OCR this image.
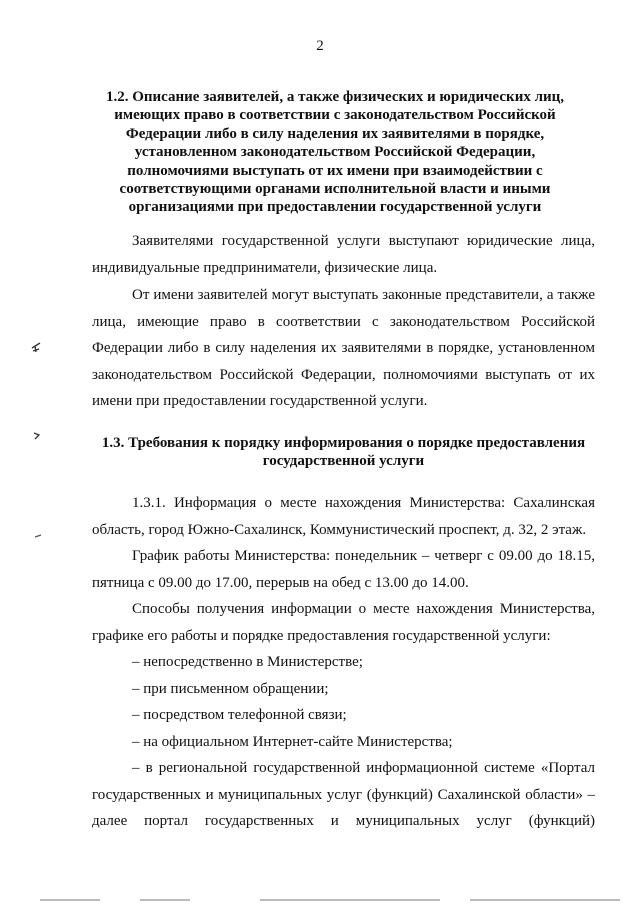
2
1.2. Описание заявителей, а также физических и юридических лиц,
имеющих право в соответствии с законодательством Российской
Федерации либо в силу наделения их заявителями в порядке,
установленном законодательством Российской Федерации,
полномочиями выступать от их имени при взаимодействии с
соответствующими органами исполнительной власти и иными
организациями при предоставлении государственной услуги
Заявителями государственной услуги выступают юридические лица,
индивидуальные предприниматели, физические лица.
От имени заявителей могут выступать законные представители, а также
лица, имеющие право в соответствии с законодательством Российской
Федерации либо в силу наделения их заявителями в порядке, установленном
законодательством Российской Федерации, полномочиями выступать от их
имени при предоставлении государственной услуги.
1.3. Требования к порядку информирования о порядке предоставления
государственной услуги
1.3.1. Информация о месте нахождения Министерства: Сахалинская
область, город Южно-Сахалинск, Коммунистический проспект, д. 32, 2 этаж.
График работы Министерства: понедельник – четверг с 09.00 до 18.15,
пятница с 09.00 до 17.00, перерыв на обед с 13.00 до 14.00.
Способы получения информации о месте нахождения Министерства,
графике его работы и порядке предоставления государственной услуги:
– непосредственно в Министерстве;
– при письменном обращении;
– посредством телефонной связи;
– на официальном Интернет-сайте Министерства;
– в региональной государственной информационной системе «Портал
государственных и муниципальных услуг (функций) Сахалинской области» –
далее портал государственных и муниципальных услуг (функций)
